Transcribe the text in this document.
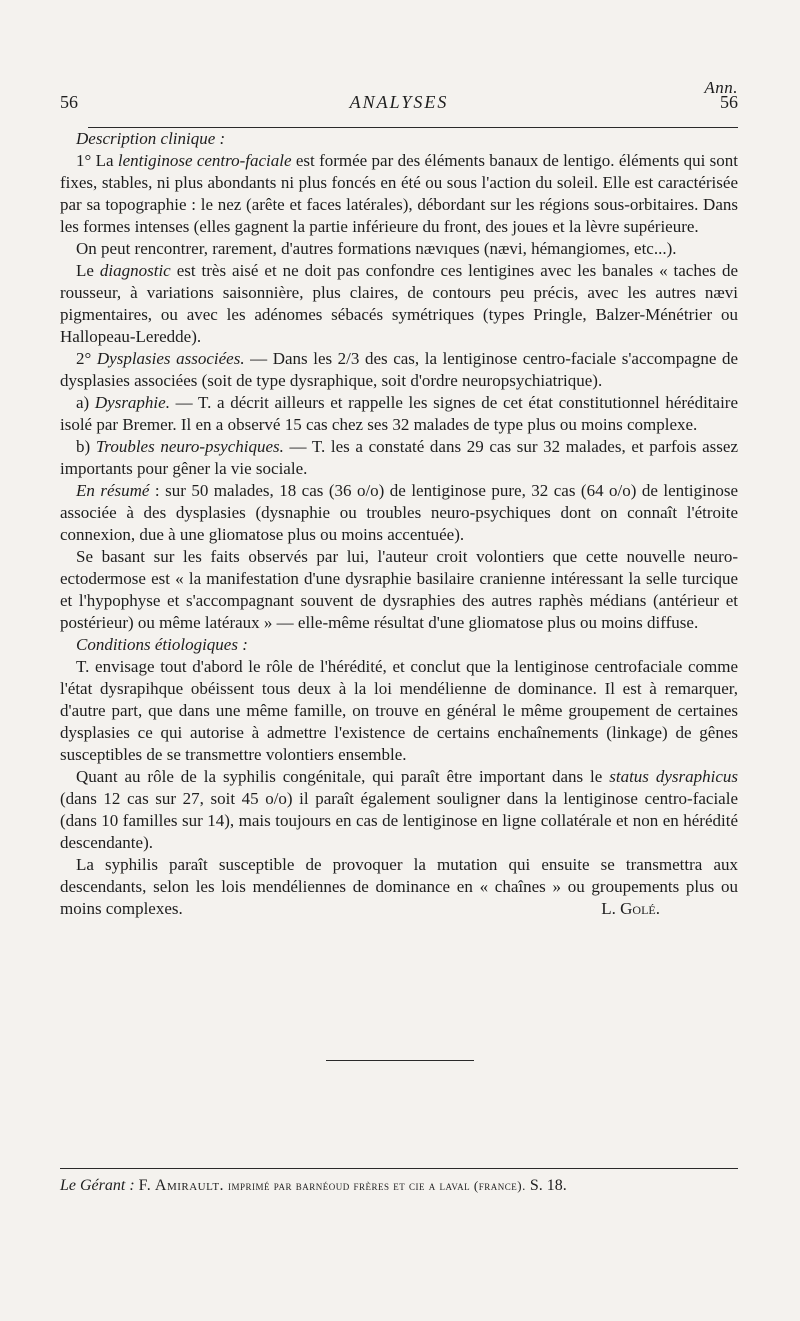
Ann.
56	ANALYSES	56

Description clinique :

1° La lentiginose centro-faciale est formée par des éléments banaux de lentigo. éléments qui sont fixes, stables, ni plus abondants ni plus foncés en été ou sous l'action du soleil. Elle est caractérisée par sa topographie : le nez (arête et faces latérales), débordant sur les régions sous-orbitaires. Dans les formes intenses (elles gagnent la partie inférieure du front, des joues et la lèvre supérieure.

On peut rencontrer, rarement, d'autres formations nævıques (nævi, hémangiomes, etc...).

Le diagnostic est très aisé et ne doit pas confondre ces lentigines avec les banales « taches de rousseur, à variations saisonnière, plus claires, de contours peu précis, avec les autres nævi pigmentaires, ou avec les adénomes sébacés symétriques (types Pringle, Balzer-Ménétrier ou Hallopeau-Leredde).

2° Dysplasies associées. — Dans les 2/3 des cas, la lentiginose centro-faciale s'accompagne de dysplasies associées (soit de type dysraphique, soit d'ordre neuropsychiatrique).

a) Dysraphie. — T. a décrit ailleurs et rappelle les signes de cet état constitutionnel héréditaire isolé par Bremer. Il en a observé 15 cas chez ses 32 malades de type plus ou moins complexe.

b) Troubles neuro-psychiques. — T. les a constaté dans 29 cas sur 32 malades, et parfois assez importants pour gêner la vie sociale.

En résumé : sur 50 malades, 18 cas (36 o/o) de lentiginose pure, 32 cas (64 o/o) de lentiginose associée à des dysplasies (dysnaphie ou troubles neuro-psychiques dont on connaît l'étroite connexion, due à une gliomatose plus ou moins accentuée).

Se basant sur les faits observés par lui, l'auteur croit volontiers que cette nouvelle neuro-ectodermose est « la manifestation d'une dysraphie basilaire cranienne intéressant la selle turcique et l'hypophyse et s'accompagnant souvent de dysraphies des autres raphès médians (antérieur et postérieur) ou même latéraux » — elle-même résultat d'une gliomatose plus ou moins diffuse.

Conditions étiologiques :

T. envisage tout d'abord le rôle de l'hérédité, et conclut que la lentiginose centrofaciale comme l'état dysrapihque obéissent tous deux à la loi mendélienne de dominance. Il est à remarquer, d'autre part, que dans une même famille, on trouve en général le même groupement de certaines dysplasies ce qui autorise à admettre l'existence de certains enchaînements (linkage) de gênes susceptibles de se transmettre volontiers ensemble.

Quant au rôle de la syphilis congénitale, qui paraît être important dans le status dysraphicus (dans 12 cas sur 27, soit 45 o/o) il paraît également souligner dans la lentiginose centro-faciale (dans 10 familles sur 14), mais toujours en cas de lentiginose en ligne collatérale et non en hérédité descendante).

La syphilis paraît susceptible de provoquer la mutation qui ensuite se transmettra aux descendants, selon les lois mendéliennes de dominance en « chaînes » ou groupements plus ou moins complexes.	L. Golé.

Le Gérant : F. Amirault. imprimé par barnéoud frères et cie a laval (france). S. 18.
